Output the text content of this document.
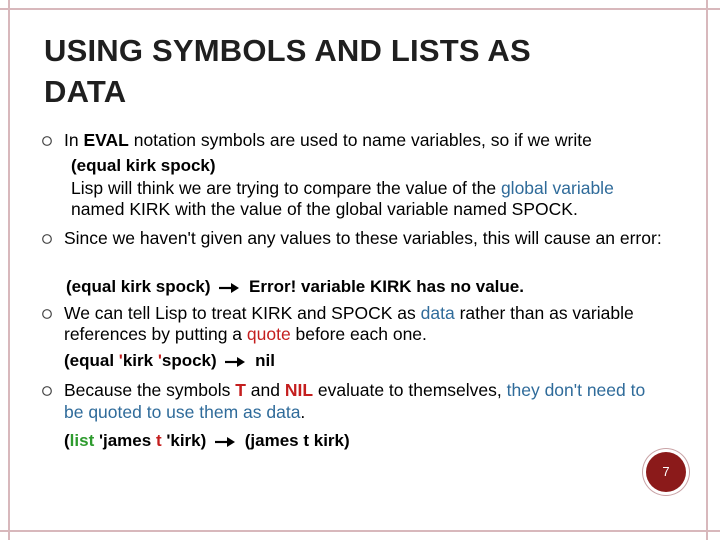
USING SYMBOLS AND LISTS AS
DATA
In EVAL notation symbols are used to name variables, so if we write
(equal kirk spock)
Lisp will think we are trying to compare the value of the global variable
named KIRK with the value of the global variable named SPOCK.
Since we haven't given any values to these variables, this will cause an error:
(equal kirk spock) Error! variable KIRK has no value.
We can tell Lisp to treat KIRK and SPOCK as data rather than as variable
references by putting a quote before each one.
(equal 'kirk 'spock) nil
Because the symbols T and NIL evaluate to themselves, they don't need to
be quoted to use them as data.
(list 'james t 'kirk) (james t kirk)
7
